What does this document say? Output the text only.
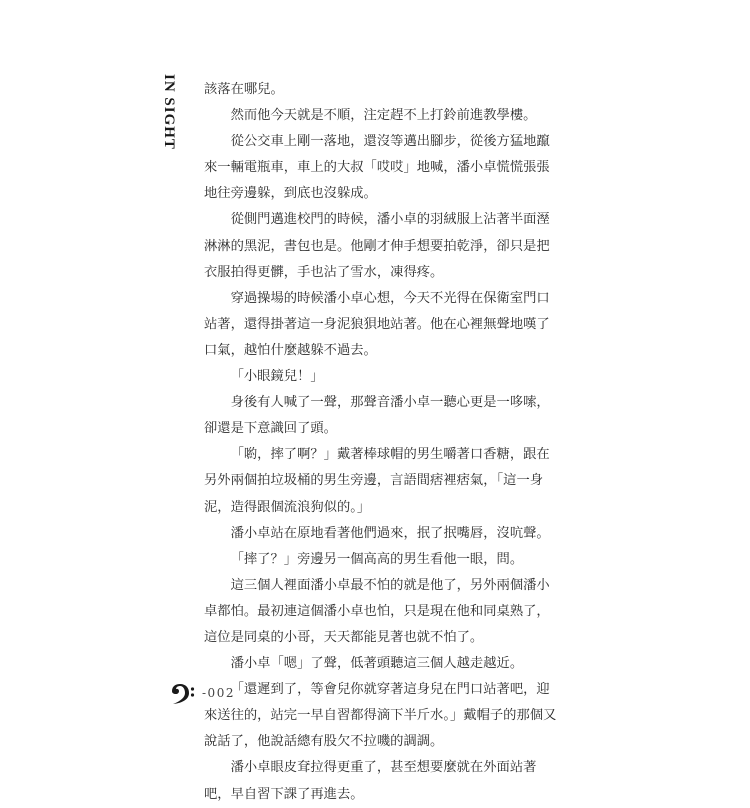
IN SIGHT 該落在哪兒。

然而他今天就是不順，注定趕不上打鈴前進教學樓。

從公交車上剛一落地，還沒等邁出腳步，從後方猛地躥來一輛電瓶車，車上的大叔「哎哎」地喊，潘小卓慌慌張張地往旁邊躲，到底也沒躲成。

從側門邁進校門的時候，潘小卓的羽絨服上沾著半面溼淋淋的黑泥，書包也是。他剛才伸手想要拍乾淨，卻只是把衣服拍得更髒，手也沾了雪水，凍得疼。

穿過操場的時候潘小卓心想，今天不光得在保衛室門口站著，還得掛著這一身泥狼狽地站著。他在心裡無聲地嘆了口氣，越怕什麼越躲不過去。

「小眼鏡兒！」

身後有人喊了一聲，那聲音潘小卓一聽心更是一哆嗦，卻還是下意識回了頭。

「喲，摔了啊？」戴著棒球帽的男生嚼著口香糖，跟在另外兩個拍垃圾桶的男生旁邊，言語間痞裡痞氣，「這一身泥，造得跟個流浪狗似的。」

潘小卓站在原地看著他們過來，抿了抿嘴唇，沒吭聲。

「摔了？」旁邊另一個高高的男生看他一眼，問。

這三個人裡面潘小卓最不怕的就是他了，另外兩個潘小卓都怕。最初連這個潘小卓也怕，只是現在他和同桌熟了，這位是同桌的小哥，天天都能見著也就不怕了。

潘小卓「嗯」了聲，低著頭聽這三個人越走越近。

「還遲到了，等會兒你就穿著這身兒在門口站著吧，迎來送往的，站完一早自習都得滴下半斤水。」戴帽子的那個又說話了，他說話總有股欠不拉嘰的調調。

潘小卓眼皮耷拉得更重了，甚至想要麼就在外面站著吧，早自習下課了再進去。

-002
